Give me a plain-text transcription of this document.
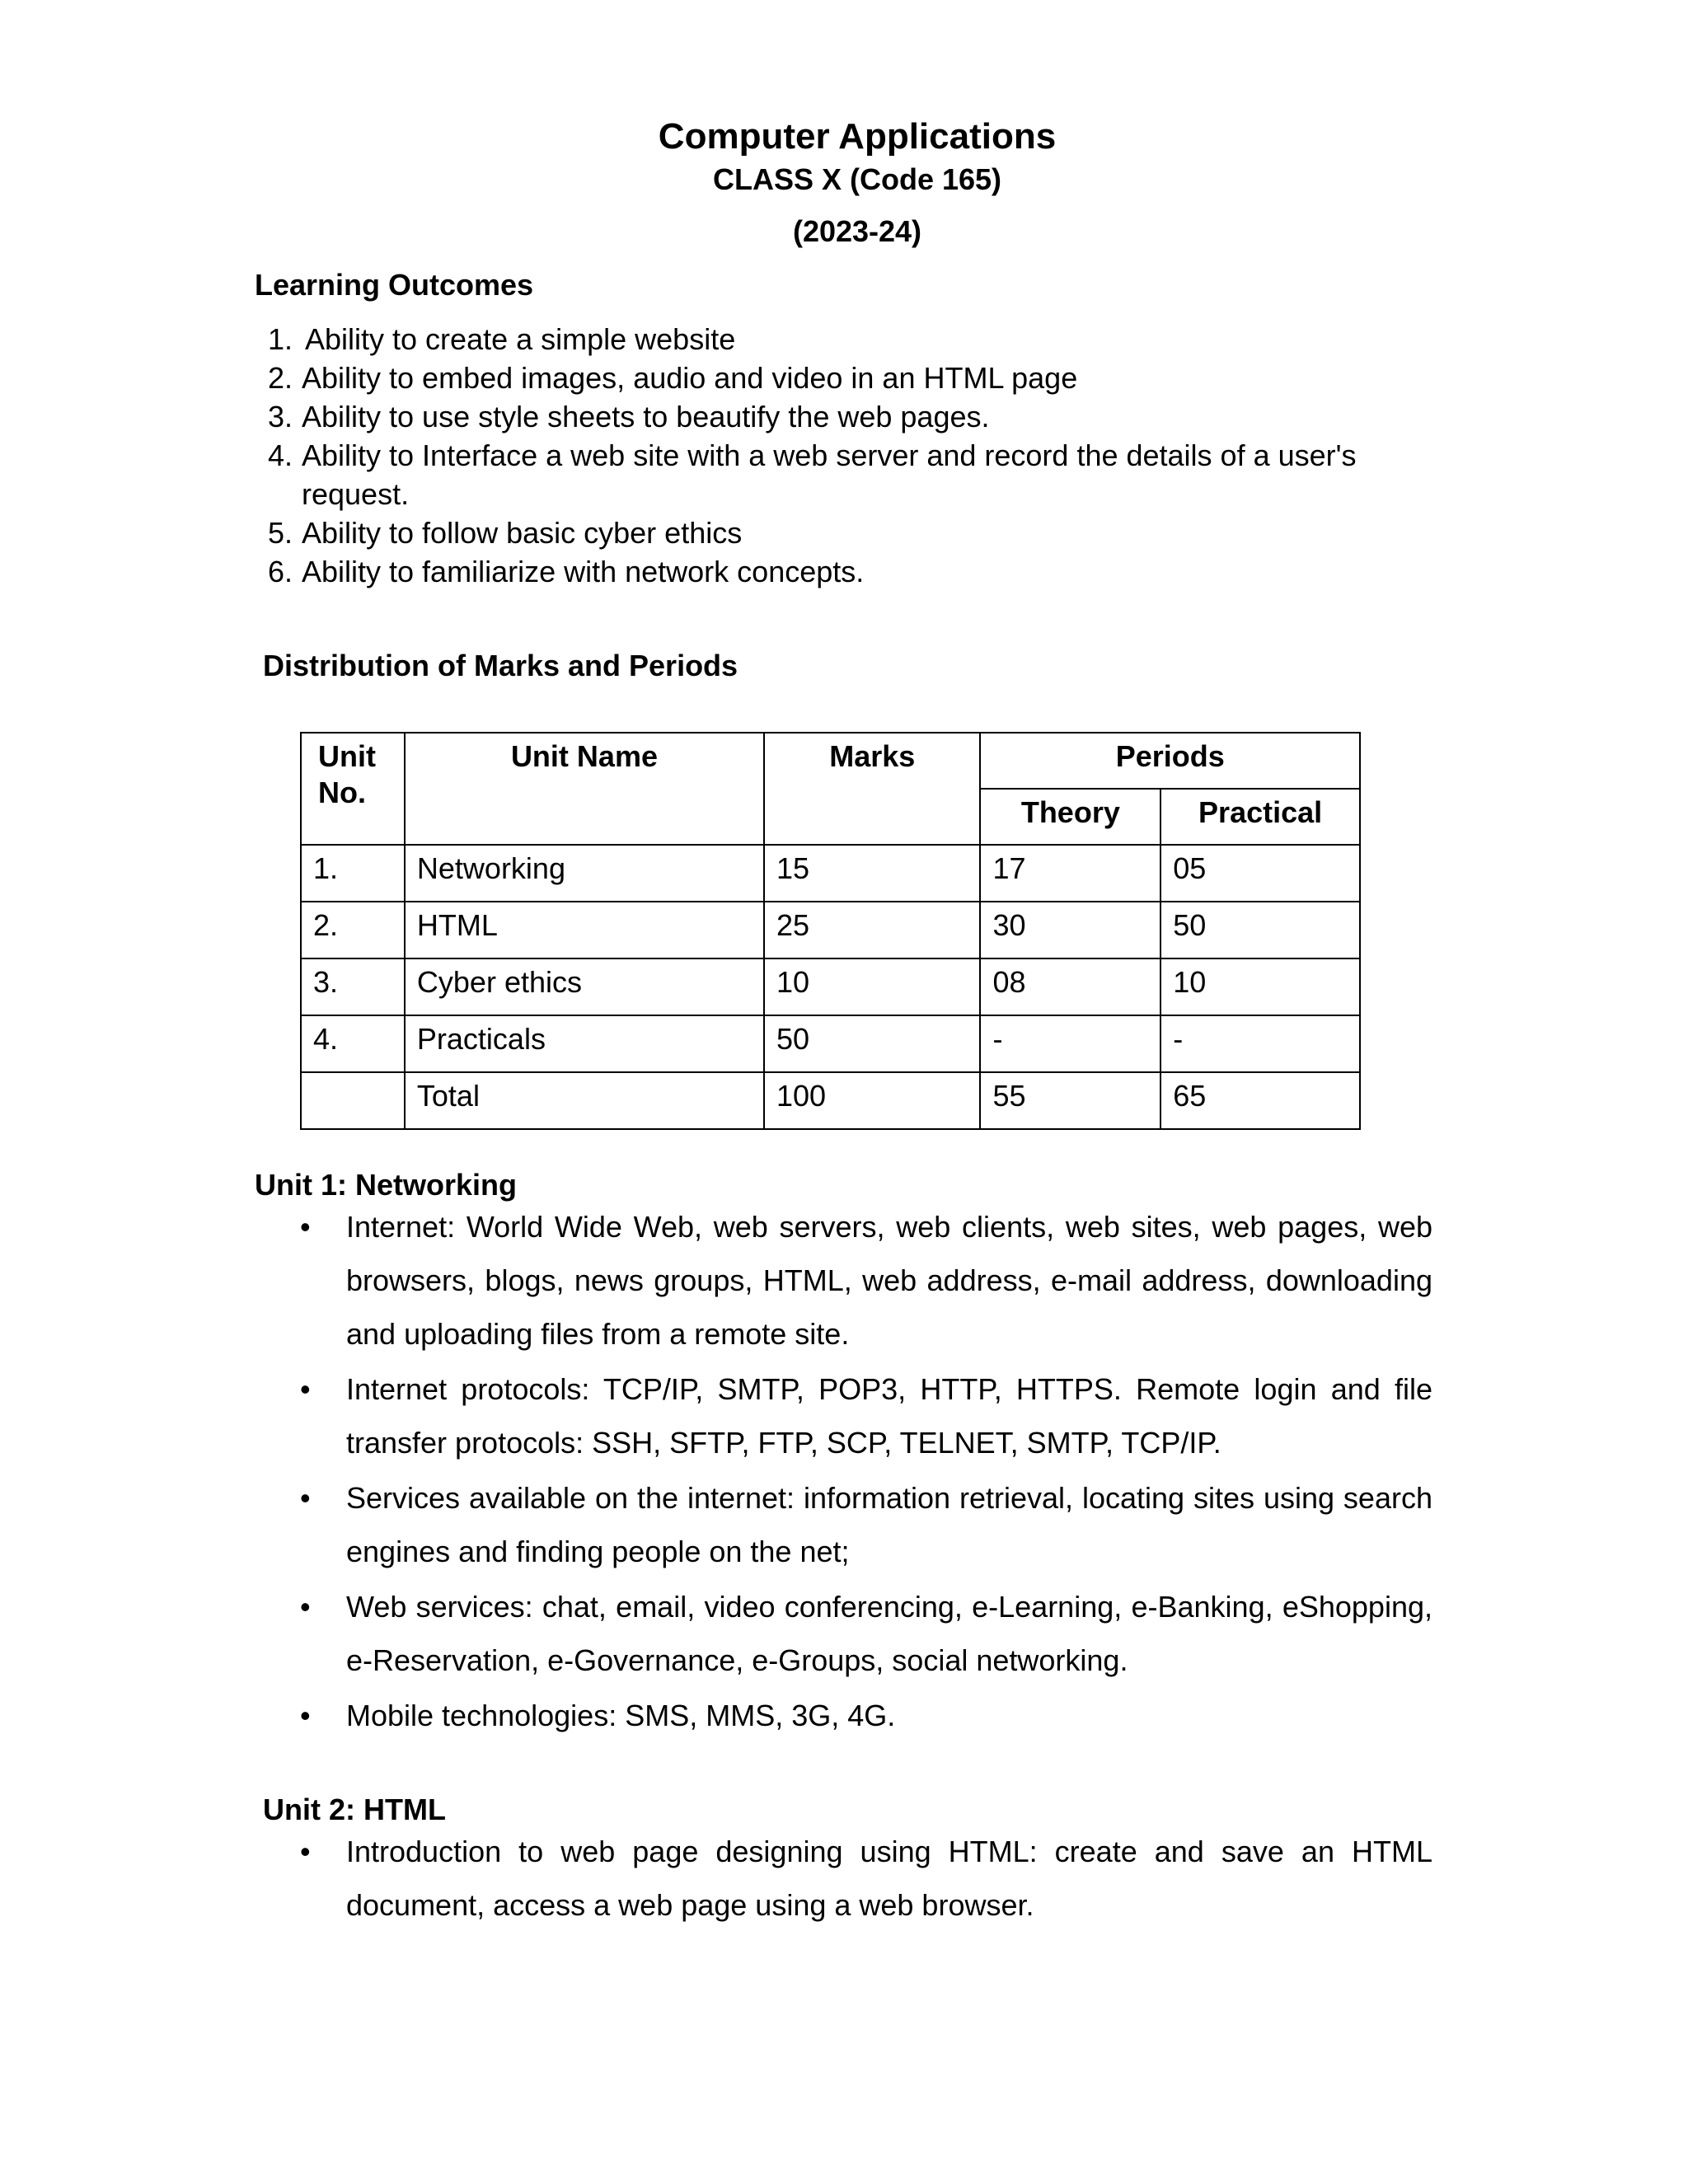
Computer Applications
CLASS X (Code 165)
(2023-24)
Learning Outcomes
1. Ability to create a simple website
2. Ability to embed images, audio and video in an HTML page
3. Ability to use style sheets to beautify the web pages.
4. Ability to Interface a web site with a web server and record the details of a user's request.
5. Ability to follow basic cyber ethics
6. Ability to familiarize with network concepts.
Distribution of Marks and Periods
Unit No.	Unit Name	Marks	Periods	
			Theory	Practical
1.	Networking	15	17	05
2.	HTML	25	30	50
3.	Cyber ethics	10	08	10
4.	Practicals	50	-	-
	Total	100	55	65
Unit 1: Networking
• Internet: World Wide Web, web servers, web clients, web sites, web pages, web browsers, blogs, news groups, HTML, web address, e-mail address, downloading and uploading files from a remote site.
• Internet protocols: TCP/IP, SMTP, POP3, HTTP, HTTPS. Remote login and file transfer protocols: SSH, SFTP, FTP, SCP, TELNET, SMTP, TCP/IP.
• Services available on the internet: information retrieval, locating sites using search engines and finding people on the net;
• Web services: chat, email, video conferencing, e-Learning, e-Banking, eShopping, e-Reservation, e-Governance, e-Groups, social networking.
• Mobile technologies: SMS, MMS, 3G, 4G.
Unit 2: HTML
• Introduction to web page designing using HTML: create and save an HTML document, access a web page using a web browser.
